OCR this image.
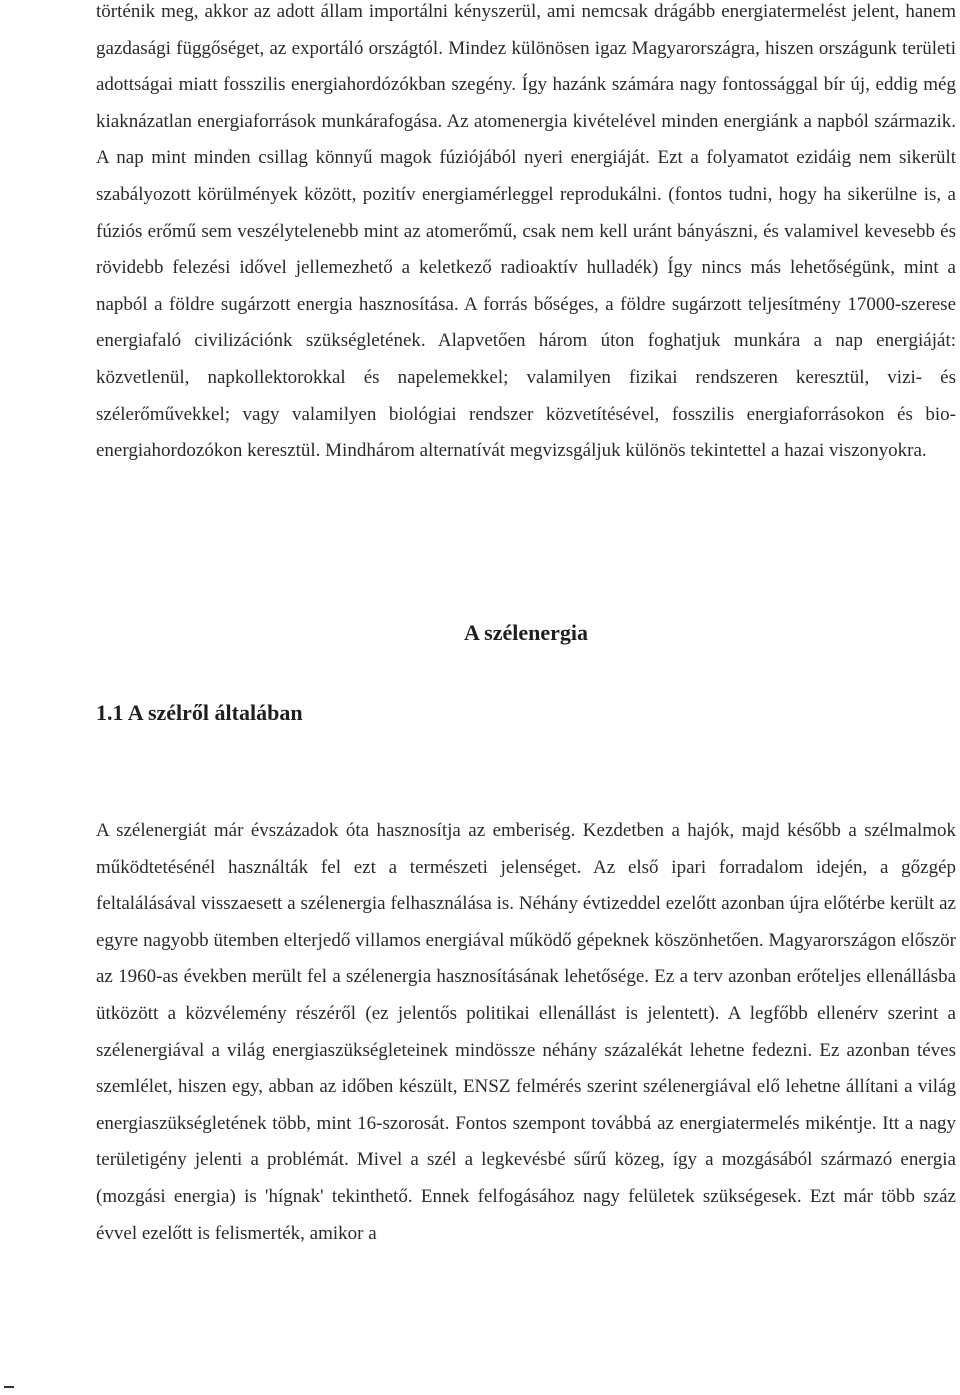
történik meg, akkor az adott állam importálni kényszerül, ami nemcsak drágább energiatermelést jelent, hanem gazdasági függőséget, az exportáló országtól. Mindez különösen igaz Magyarországra, hiszen országunk területi adottságai miatt fosszilis energiahordózókban szegény. Így hazánk számára nagy fontossággal bír új, eddig még kiaknázatlan energiaforrások munkárafogása. Az atomenergia kivételével minden energiánk a napból származik. A nap mint minden csillag könnyű magok fúziójából nyeri energiáját. Ezt a folyamatot ezidáig nem sikerült szabályozott körülmények között, pozitív energiamérleggel reprodukálni. (fontos tudni, hogy ha sikerülne is, a fúziós erőmű sem veszélytelenebb mint az atomerőmű, csak nem kell uránt bányászni, és valamivel kevesebb és rövidebb felezési idővel jellemezhető a keletkező radioaktív hulladék) Így nincs más lehetőségünk, mint a napból a földre sugárzott energia hasznosítása. A forrás bőséges, a földre sugárzott teljesítmény 17000-szerese energiafaló civilizációnk szükségletének. Alapvetően három úton foghatjuk munkára a nap energiáját: közvetlenül, napkollektorokkal és napelemekkel; valamilyen fizikai rendszeren keresztül, vizi- és szélerőművekkel; vagy valamilyen biológiai rendszer közvetítésével, fosszilis energiaforrásokon és bio-energiahordozókon keresztül. Mindhárom alternatívát megvizsgáljuk különös tekintettel a hazai viszonyokra.

A szélenergia
1.1 A szélről általában

A szélenergiát már évszázadok óta hasznosítja az emberiség. Kezdetben a hajók, majd később a szélmalmok működtetésénél használták fel ezt a természeti jelenséget. Az első ipari forradalom idején, a gőzgép feltalálásával visszaesett a szélenergia felhasználása is. Néhány évtizeddel ezelőtt azonban újra előtérbe került az egyre nagyobb ütemben elterjedő villamos energiával működő gépeknek köszönhetően. Magyarországon először az 1960-as években merült fel a szélenergia hasznosításának lehetősége. Ez a terv azonban erőteljes ellenállásba ütközött a közvélemény részéről (ez jelentős politikai ellenállást is jelentett). A legfőbb ellenérv szerint a szélenergiával a világ energiaszükségleteinek mindössze néhány százalékát lehetne fedezni. Ez azonban téves szemlélet, hiszen egy, abban az időben készült, ENSZ felmérés szerint szélenergiával elő lehetne állítani a világ energiaszükségletének több, mint 16-szorosát. Fontos szempont továbbá az energiatermelés mikéntje. Itt a nagy területigény jelenti a problémát. Mivel a szél a legkevésbé sűrű közeg, így a mozgásából származó energia (mozgási energia) is 'hígnak' tekinthető. Ennek felfogásához nagy felületek szükségesek. Ezt már több száz évvel ezelőtt is felismerték, amikor a
